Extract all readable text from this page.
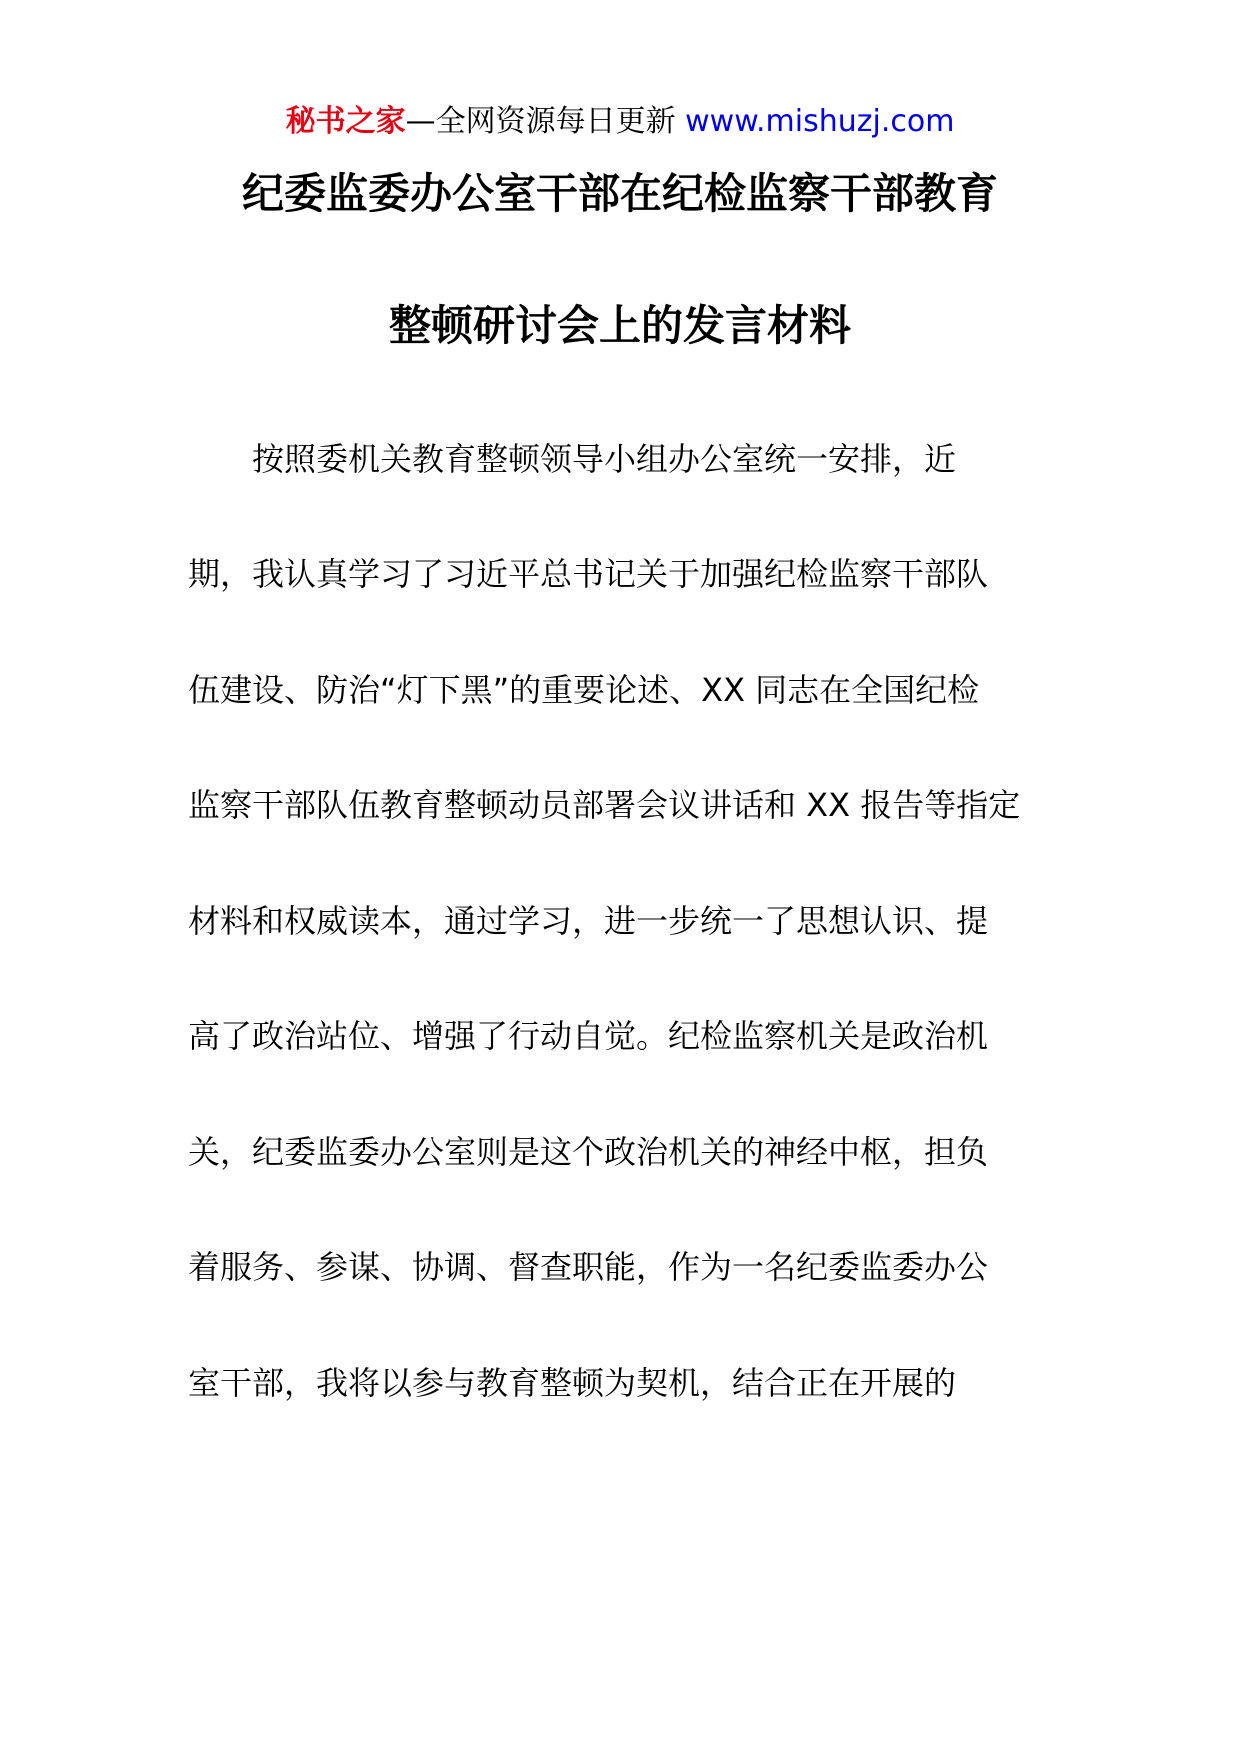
秘书之家—全网资源每日更新 www.mishuzj.com
纪委监委办公室干部在纪检监察干部教育
整顿研讨会上的发言材料
按照委机关教育整顿领导小组办公室统一安排，近
期，我认真学习了习近平总书记关于加强纪检监察干部队
伍建设、防治“灯下黑”的重要论述、XX 同志在全国纪检
监察干部队伍教育整顿动员部署会议讲话和 XX 报告等指定
材料和权威读本，通过学习，进一步统一了思想认识、提
高了政治站位、增强了行动自觉。纪检监察机关是政治机
关，纪委监委办公室则是这个政治机关的神经中枢，担负
着服务、参谋、协调、督查职能，作为一名纪委监委办公
室干部，我将以参与教育整顿为契机，结合正在开展的
